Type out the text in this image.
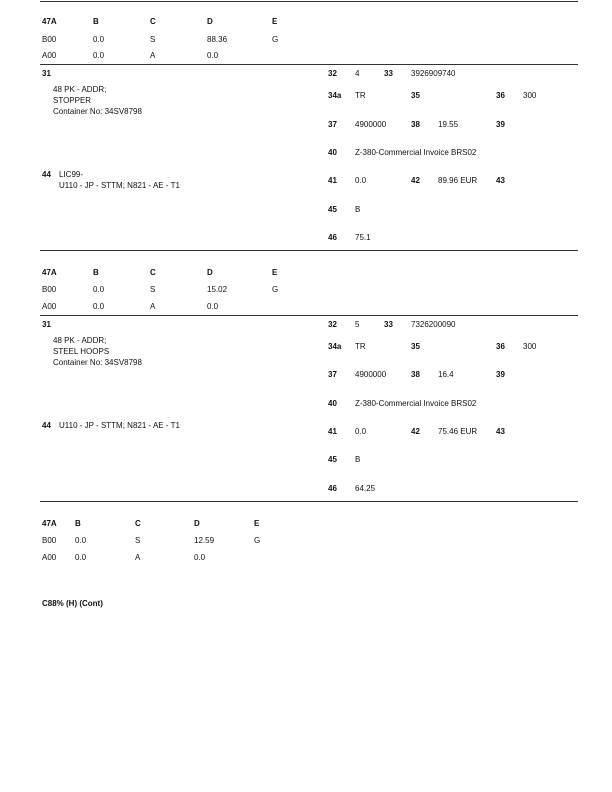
47A	B	C	D	E
B00	0.0	S	88.36	G
A00	0.0	A	0.0
31
48 PK - ADDR;
STOPPER
Container No: 34SV8798
44 LIC99-
U110 - JP - STTM; N821 - AE - T1
32 4	33 3926909740
34a TR	35	36 300
37 4900000	38 19.55	39
40 Z-380-Commercial Invoice BRS02
41 0.0	42 89.96 EUR 43
45 B
46 75.1
47A	B	C	D	E
B00	0.0	S	15.02	G
A00	0.0	A	0.0
31
48 PK - ADDR;
STEEL HOOPS
Container No: 34SV8798
44 U110 - JP - STTM; N821 - AE - T1
32 5	33 7326200090
34a TR	35	36 300
37 4900000	38 16.4	39
40 Z-380-Commercial Invoice BRS02
41 0.0	42 75.46 EUR 43
45 B
46 64.25
47A B	C	D	E
B00 0.0	S	12.59	G
A00 0.0	A	0.0
C88% (H) (Cont)
